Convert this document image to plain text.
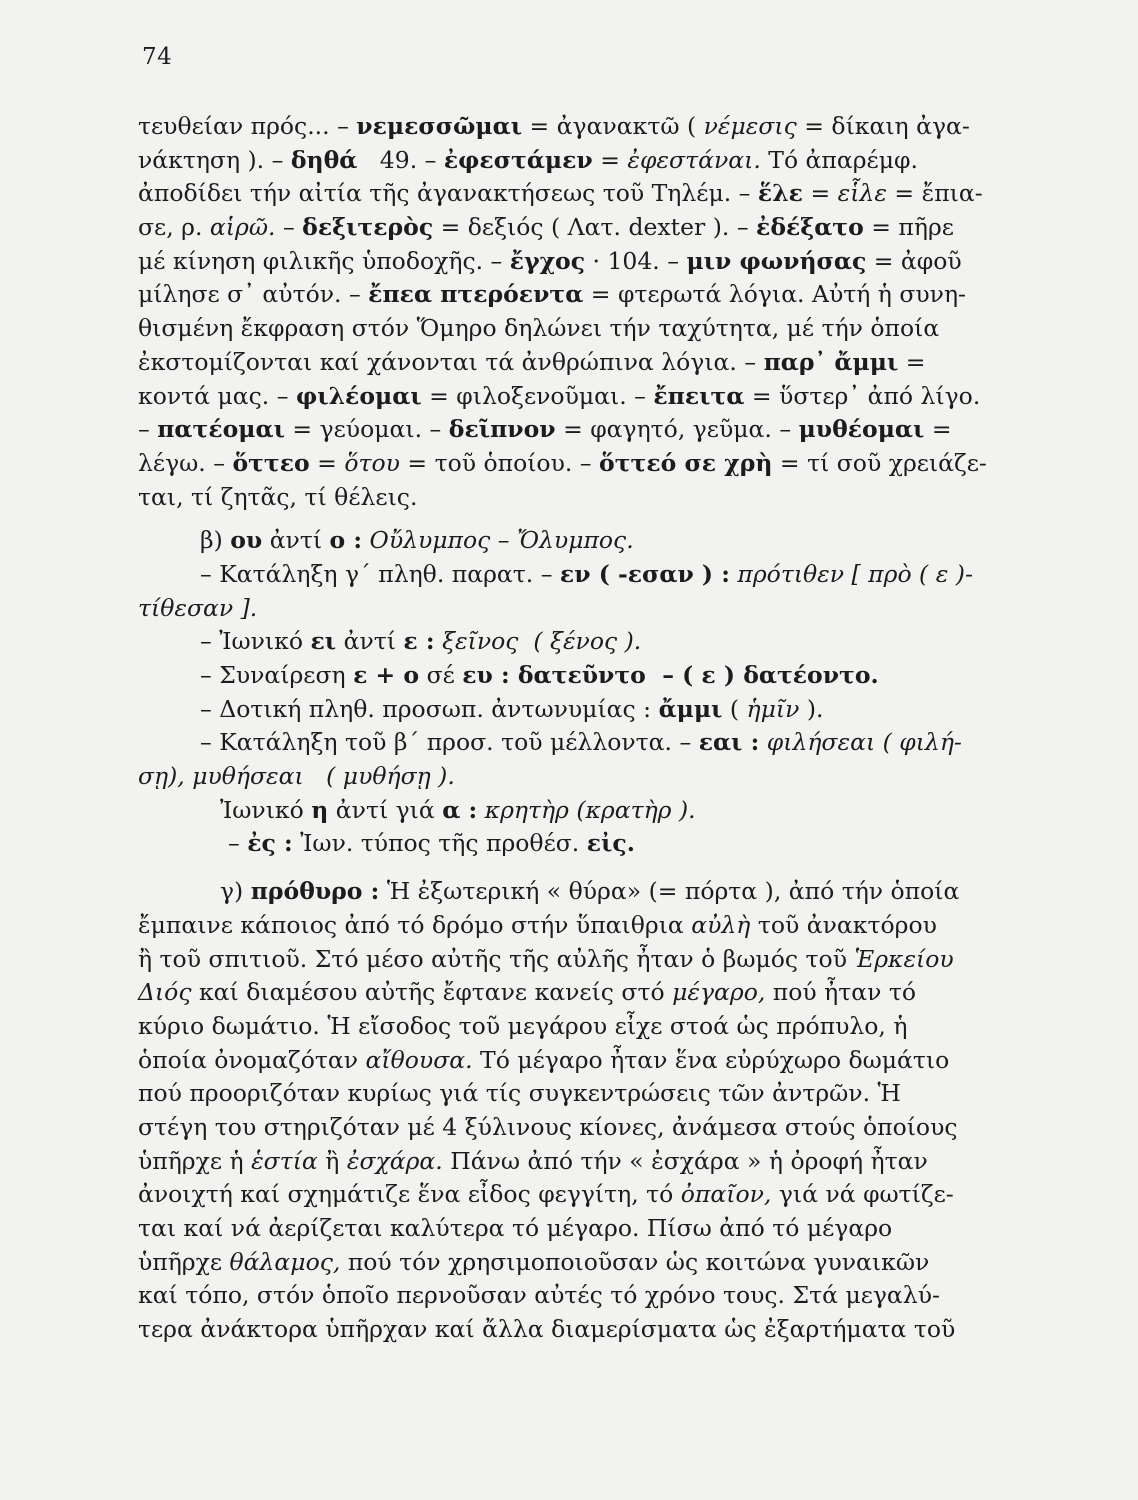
74
τευθείαν πρός... – νεμεσσῶμαι = ἀγανακτῶ ( νέμεσις = δίκαιη ἀγα-
νάκτηση ). – δηθά   49. – ἐφεστάμεν = ἐφεστάναι. Τό ἀπαρέμφ.
ἀποδίδει τήν αἰτία τῆς ἀγανακτήσεως τοῦ Τηλέμ. – ἕλε = εἷλε = ἔπια-
σε, ρ. αἱρῶ. – δεξιτερὸς = δεξιός ( Λατ. dexter ). – ἐδέξατο = πῆρε
μέ κίνηση φιλικῆς ὑποδοχῆς. – ἔγχος · 104. – μιν φωνήσας = ἀφοῦ
μίλησε σ᾽ αὐτόν. – ἔπεα πτερόεντα = φτερωτά λόγια. Αὐτή ἡ συνη-
θισμένη ἔκφραση στόν Ὅμηρο δηλώνει τήν ταχύτητα, μέ τήν ὁποία
ἐκστομίζονται καί χάνονται τά ἀνθρώπινα λόγια. – παρ᾽ ἄμμι =
κοντά μας. – φιλέομαι = φιλοξενοῦμαι. – ἔπειτα = ὕστερ᾽ ἀπό λίγο.
– πατέομαι = γεύομαι. – δεῖπνον = φαγητό, γεῦμα. – μυθέομαι =
λέγω. – ὅττεο = ὅτου = τοῦ ὁποίου. – ὅττεό σε χρὴ = τί σοῦ χρειάζε-
ται, τί ζητᾶς, τί θέλεις.
β) ου ἀντί ο : Οὔλυμπος – Ὄλυμπος.
– Κατάληξη γ΄ πληθ. παρατ. – εν ( -εσαν ) : πρότιθεν [ πρὸ ( ε )-
τίθεσαν ].
– Ἰωνικό ει ἀντί ε : ξεῖνος  ( ξένος ).
– Συναίρεση ε + ο σέ ευ : δατεῦντο  – ( ε ) δατέοντο.
– Δοτική πληθ. προσωπ. ἀντωνυμίας : ἄμμι ( ἡμῖν ).
– Κατάληξη τοῦ β΄ προσ. τοῦ μέλλοντα. – εαι : φιλήσεαι ( φιλή-
σῃ), μυθήσεαι   ( μυθήσῃ ).
Ἰωνικό η ἀντί γιά α : κρητὴρ (κρατὴρ ).
– ἐς : Ἰων. τύπος τῆς προθέσ. εἰς.
γ) πρόθυρο : Ἡ ἐξωτερική « θύρα» (= πόρτα ), ἀπό τήν ὁποία
ἔμπαινε κάποιος ἀπό τό δρόμο στήν ὕπαιθρια αὐλὴ τοῦ ἀνακτόρου
ἢ τοῦ σπιτιοῦ. Στό μέσο αὐτῆς τῆς αὐλῆς ἦταν ὁ βωμός τοῦ Ἑρκείου
Διός καί διαμέσου αὐτῆς ἔφτανε κανείς στό μέγαρο, πού ἦταν τό
κύριο δωμάτιο. Ἡ εἴσοδος τοῦ μεγάρου εἶχε στοά ὡς πρόπυλο, ἡ
ὁποία ὀνομαζόταν αἴθουσα. Τό μέγαρο ἦταν ἕνα εὐρύχωρο δωμάτιο
πού προοριζόταν κυρίως γιά τίς συγκεντρώσεις τῶν ἀντρῶν. Ἡ
στέγη του στηριζόταν μέ 4 ξύλινους κίονες, ἀνάμεσα στούς ὁποίους
ὑπῆρχε ἡ ἑστία ἢ ἐσχάρα. Πάνω ἀπό τήν « ἐσχάρα » ἡ ὀροφή ἦταν
ἀνοιχτή καί σχημάτιζε ἕνα εἶδος φεγγίτη, τό ὀπαῖον, γιά νά φωτίζε-
ται καί νά ἀερίζεται καλύτερα τό μέγαρο. Πίσω ἀπό τό μέγαρο
ὑπῆρχε θάλαμος, πού τόν χρησιμοποιοῦσαν ὡς κοιτώνα γυναικῶν
καί τόπο, στόν ὁποῖο περνοῦσαν αὐτές τό χρόνο τους. Στά μεγαλύ-
τερα ἀνάκτορα ὑπῆρχαν καί ἄλλα διαμερίσματα ὡς ἐξαρτήματα τοῦ
